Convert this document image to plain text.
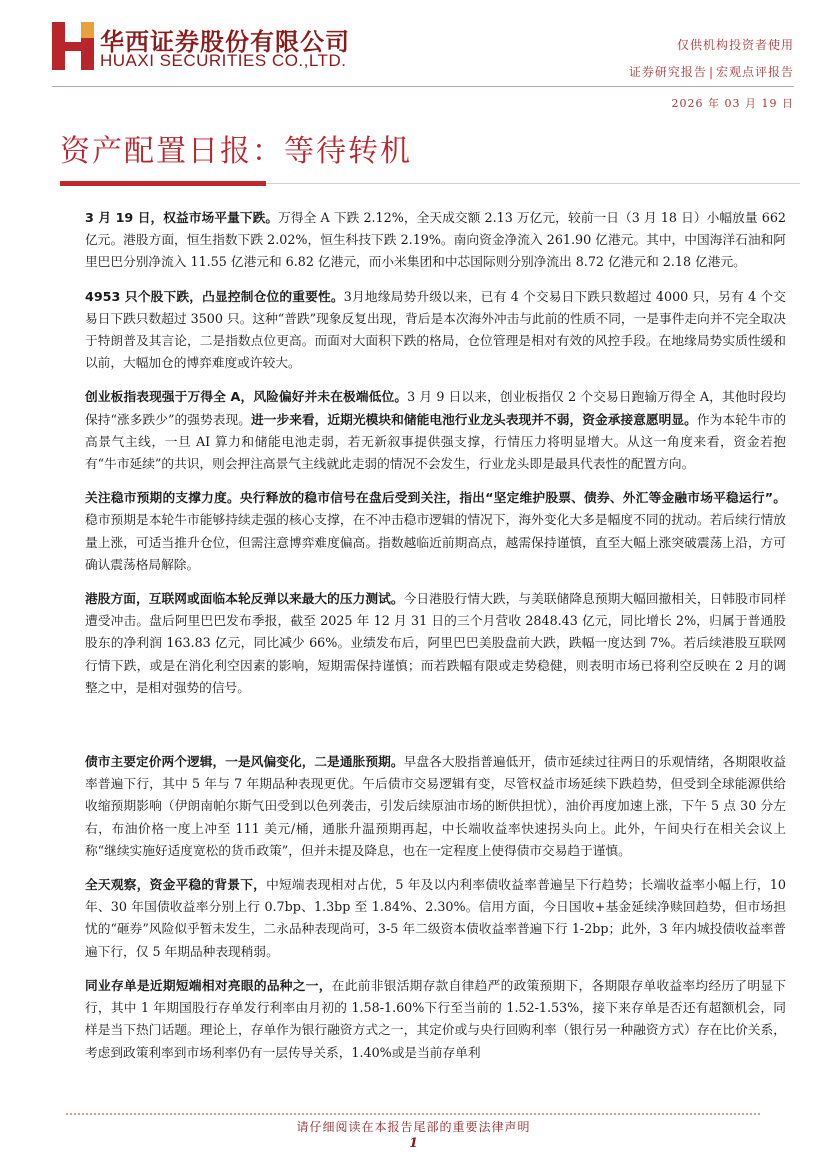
华西证券股份有限公司
HUAXI SECURITIES CO.,LTD.
仅供机构投资者使用
证券研究报告 | 宏观点评报告
2026 年 03 月 19 日
资产配置日报：等待转机

3 月 19 日，权益市场平量下跌。万得全 A 下跌 2.12%，全天成交额 2.13 万亿元，较前一日（3 月 18 日）小幅放量 662 亿元。港股方面，恒生指数下跌 2.02%，恒生科技下跌 2.19%。南向资金净流入 261.90 亿港元。其中，中国海洋石油和阿里巴巴分别净流入 11.55 亿港元和 6.82 亿港元，而小米集团和中芯国际则分别净流出 8.72 亿港元和 2.18 亿港元。

4953 只个股下跌，凸显控制仓位的重要性。3月地缘局势升级以来，已有 4 个交易日下跌只数超过 4000 只，另有 4 个交易日下跌只数超过 3500 只。这种“普跌”现象反复出现，背后是本次海外冲击与此前的性质不同，一是事件走向并不完全取决于特朗普及其言论，二是指数点位更高。而面对大面积下跌的格局，仓位管理是相对有效的风控手段。在地缘局势实质性缓和以前，大幅加仓的博弈难度或许较大。

创业板指表现强于万得全 A，风险偏好并未在极端低位。3 月 9 日以来，创业板指仅 2 个交易日跑输万得全 A，其他时段均保持“涨多跌少”的强势表现。进一步来看，近期光模块和储能电池行业龙头表现并不弱，资金承接意愿明显。作为本轮牛市的高景气主线，一旦 AI 算力和储能电池走弱，若无新叙事提供强支撑，行情压力将明显增大。从这一角度来看，资金若抱有“牛市延续”的共识，则会押注高景气主线就此走弱的情况不会发生，行业龙头即是最具代表性的配置方向。

关注稳市预期的支撑力度。央行释放的稳市信号在盘后受到关注，指出“坚定维护股票、债券、外汇等金融市场平稳运行”。稳市预期是本轮牛市能够持续走强的核心支撑，在不冲击稳市逻辑的情况下，海外变化大多是幅度不同的扰动。若后续行情放量上涨，可适当推升仓位，但需注意博弈难度偏高。指数越临近前期高点，越需保持谨慎，直至大幅上涨突破震荡上沿，方可确认震荡格局解除。

港股方面，互联网或面临本轮反弹以来最大的压力测试。今日港股行情大跌，与美联储降息预期大幅回撤相关，日韩股市同样遭受冲击。盘后阿里巴巴发布季报，截至 2025 年 12 月 31 日的三个月营收 2848.43 亿元，同比增长 2%，归属于普通股股东的净利润 163.83 亿元，同比减少 66%。业绩发布后，阿里巴巴美股盘前大跌，跌幅一度达到 7%。若后续港股互联网行情下跌，或是在消化利空因素的影响，短期需保持谨慎；而若跌幅有限或走势稳健，则表明市场已将利空反映在 2 月的调整之中，是相对强势的信号。

债市主要定价两个逻辑，一是风偏变化，二是通胀预期。早盘各大股指普遍低开，债市延续过往两日的乐观情绪，各期限收益率普遍下行，其中 5 年与 7 年期品种表现更优。午后债市交易逻辑有变，尽管权益市场延续下跌趋势，但受到全球能源供给收缩预期影响（伊朗南帕尔斯气田受到以色列袭击，引发后续原油市场的断供担忧），油价再度加速上涨，下午 5 点 30 分左右，布油价格一度上冲至 111 美元/桶，通胀升温预期再起，中长端收益率快速拐头向上。此外，午间央行在相关会议上称“继续实施好适度宽松的货币政策”，但并未提及降息，也在一定程度上使得债市交易趋于谨慎。

全天观察，资金平稳的背景下，中短端表现相对占优，5 年及以内利率债收益率普遍呈下行趋势；长端收益率小幅上行，10 年、30 年国债收益率分别上行 0.7bp、1.3bp 至 1.84%、2.30%。信用方面，今日国收+基金延续净赎回趋势，但市场担忧的“砸券”风险似乎暂未发生，二永品种表现尚可，3-5 年二级资本债收益率普遍下行 1-2bp；此外，3 年内城投债收益率普遍下行，仅 5 年期品种表现稍弱。

同业存单是近期短端相对亮眼的品种之一，在此前非银活期存款自律趋严的政策预期下，各期限存单收益率均经历了明显下行，其中 1 年期国股行存单发行利率由月初的 1.58-1.60%下行至当前的 1.52-1.53%，接下来存单是否还有超额机会，同样是当下热门话题。理论上，存单作为银行融资方式之一，其定价或与央行回购利率（银行另一种融资方式）存在比价关系，考虑到政策利率到市场利率仍有一层传导关系，1.40%或是当前存单利

请仔细阅读在本报告尾部的重要法律声明
1
